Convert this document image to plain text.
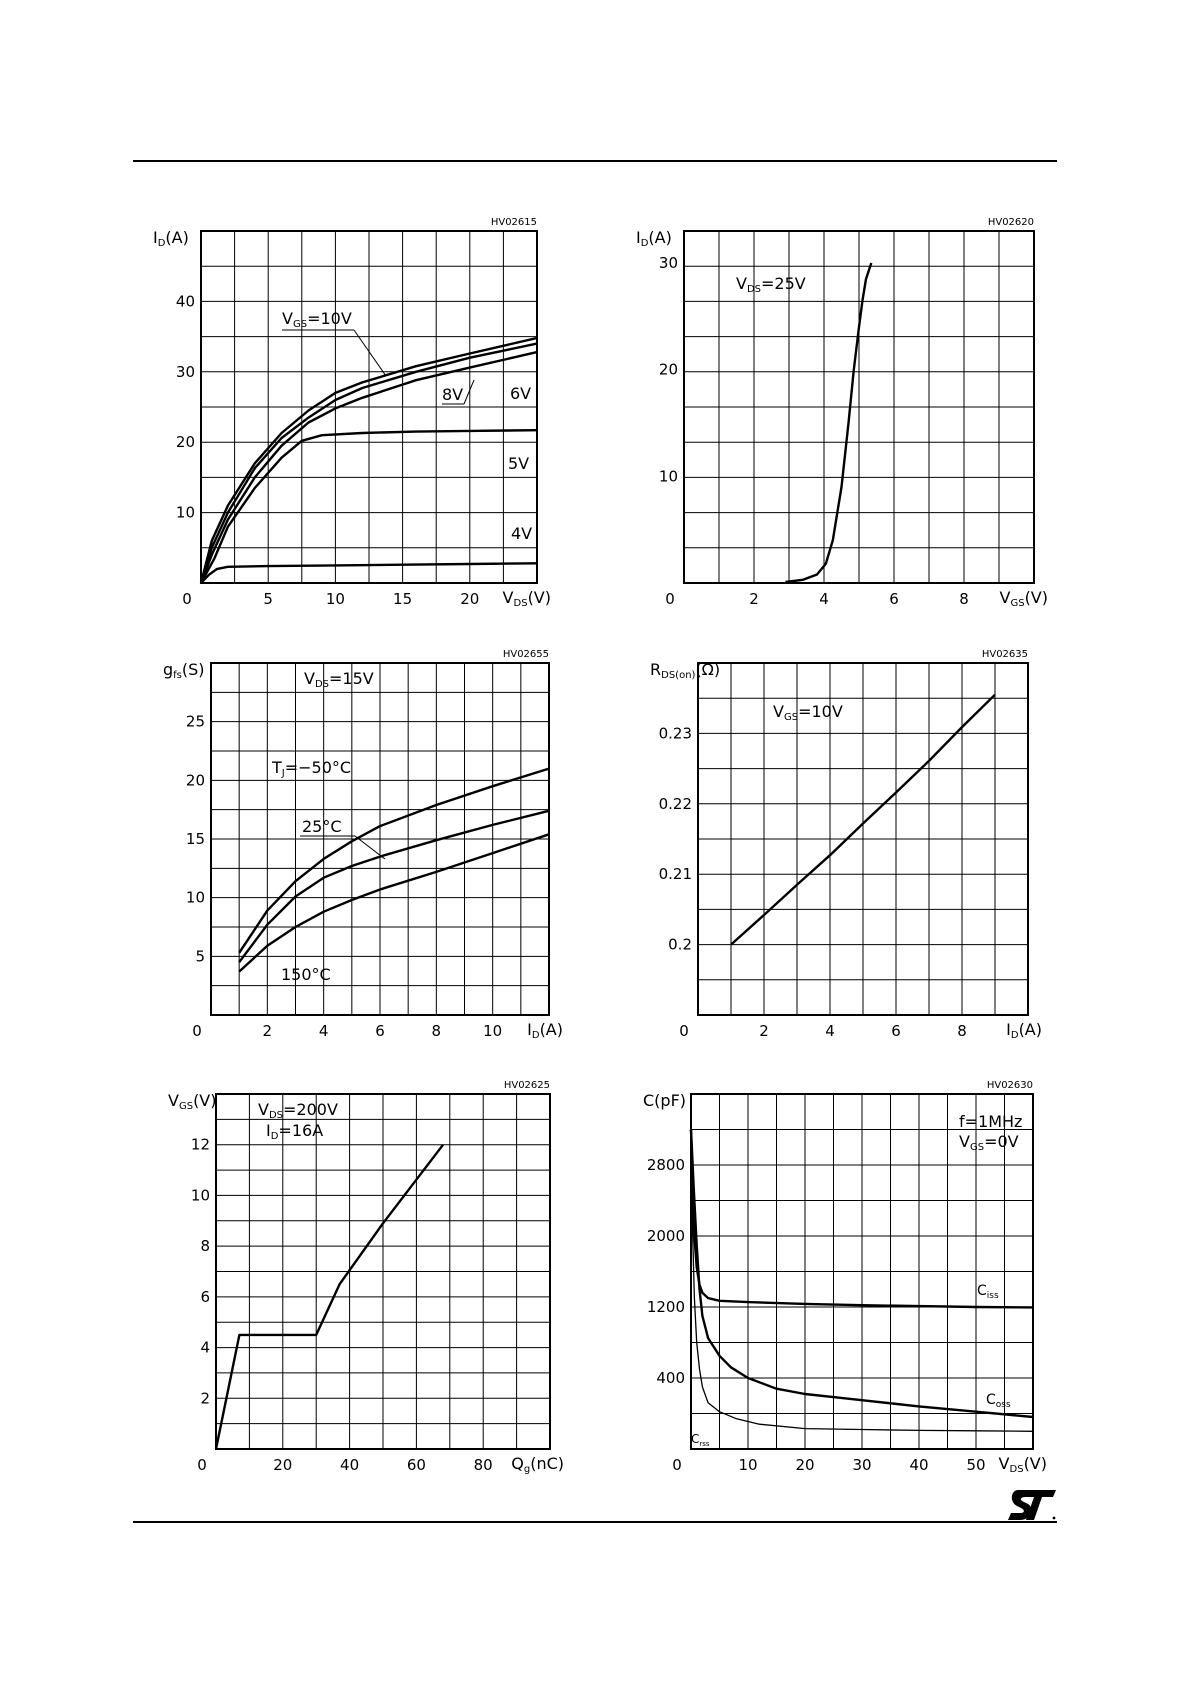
HV02615
ID(A)
VDS(V)
5	10	15	20
10
20
30
40
0
HV02620
ID(A)
VGS(V)
2	4	6	8
10
20
30
0
VDS=25V
HV02655
gfs(S)
ID(A)
2	4	6	8	10
5
10
15
20
25
0
VDS=15V
HV02635
RDS(on)(Ω)
ID(A)
2	4	6	8
0.2
0.21
0.22
0.23
0
VGS=10V
HV02625
VGS(V)
Qg(nC)
20	40	60	80
2
4
6
8
10
12
0
VDS=200V
ID=16A
HV02630
C(pF)
VDS(V)
10	20	30	40	50
400
1200
2000
2800
0
f=1MHz
VGS=0V
VGS=10V
8V	6V
5V
4V
TJ=−50°C
25°C
150°C
$C_{iss}$
$C_{oss}$
$C_{rss}$
